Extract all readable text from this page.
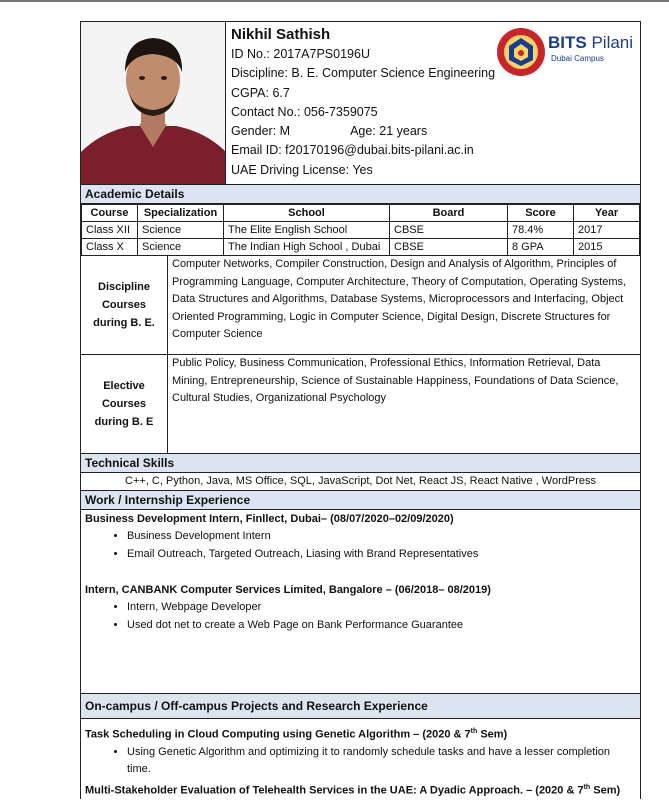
Nikhil Sathish
ID No.: 2017A7PS0196U
Discipline: B. E. Computer Science Engineering
CGPA: 6.7
Contact No.: 056-7359075
Gender: M	Age: 21 years
Email ID: f20170196@dubai.bits-pilani.ac.in
UAE Driving License: Yes
BITS Pilani
Dubai Campus
Academic Details
Course	Specialization	School	Board	Score	Year
Class XII	Science	The Elite English School	CBSE	78.4%	2017
Class X	Science	The Indian High School , Dubai	CBSE	8 GPA	2015
Discipline
Courses
during B. E.
Computer Networks, Compiler Construction, Design and Analysis of Algorithm, Principles of Programming Language, Computer Architecture, Theory of Computation, Operating Systems, Data Structures and Algorithms, Database Systems, Microprocessors and Interfacing, Object Oriented Programming, Logic in Computer Science, Digital Design, Discrete Structures for Computer Science
Elective
Courses
during B. E
Public Policy, Business Communication, Professional Ethics, Information Retrieval, Data Mining, Entrepreneurship, Science of Sustainable Happiness, Foundations of Data Science, Cultural Studies, Organizational Psychology
Technical Skills
C++, C, Python, Java, MS Office, SQL, JavaScript, Dot Net, React JS, React Native , WordPress
Work / Internship Experience
Business Development Intern, Finllect, Dubai– (08/07/2020–02/09/2020)
• Business Development Intern
• Email Outreach, Targeted Outreach, Liasing with Brand Representatives
Intern, CANBANK Computer Services Limited, Bangalore – (06/2018– 08/2019)
• Intern, Webpage Developer
• Used dot net to create a Web Page on Bank Performance Guarantee
On-campus / Off-campus Projects and Research Experience
Task Scheduling in Cloud Computing using Genetic Algorithm – (2020 & 7th Sem)
• Using Genetic Algorithm and optimizing it to randomly schedule tasks and have a lesser completion time.
Multi-Stakeholder Evaluation of Telehealth Services in the UAE: A Dyadic Approach. – (2020 & 7th Sem)
